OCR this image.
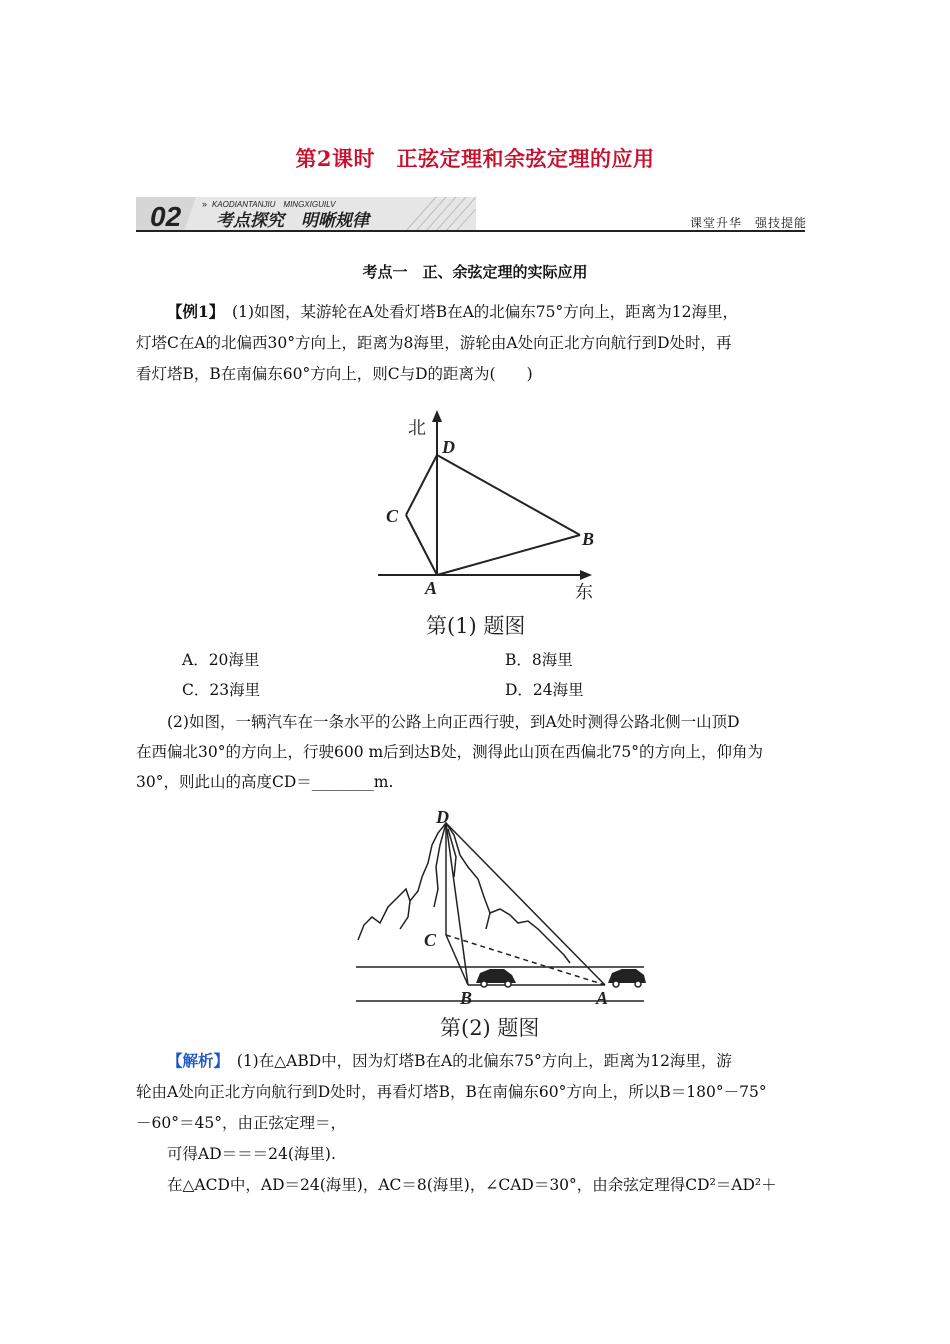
第2课时　正弦定理和余弦定理的应用
02 » KAODIANTANJIU　MINGXIGUILV
考点探究　明晰规律	课堂升华　强技提能
考点一　正、余弦定理的实际应用
【例1】　(1)如图，某游轮在A处看灯塔B在A的北偏东75°方向上，距离为12海里，
灯塔C在A的北偏西30°方向上，距离为8海里，游轮由A处向正北方向航行到D处时，再
看灯塔B，B在南偏东60°方向上，则C与D的距离为(　　)
北
东
D
C
B
A
第(1) 题图
A．20海里	B．8海里
C．23海里	D．24海里
(2)如图，一辆汽车在一条水平的公路上向正西行驶，到A处时测得公路北侧一山顶D
在西偏北30°的方向上，行驶600 m后到达B处，测得此山顶在西偏北75°的方向上，仰角为
30°，则此山的高度CD＝________m.
D
C
B	A
第(2) 题图
【解析】　(1)在△ABD中，因为灯塔B在A的北偏东75°方向上，距离为12海里，游
轮由A处向正北方向航行到D处时，再看灯塔B，B在南偏东60°方向上，所以B＝180°－75°
－60°＝45°，由正弦定理＝，
可得AD＝＝＝24(海里).
在△ACD中，AD＝24(海里)，AC＝8(海里)，∠CAD＝30°，由余弦定理得CD²＝AD²＋
